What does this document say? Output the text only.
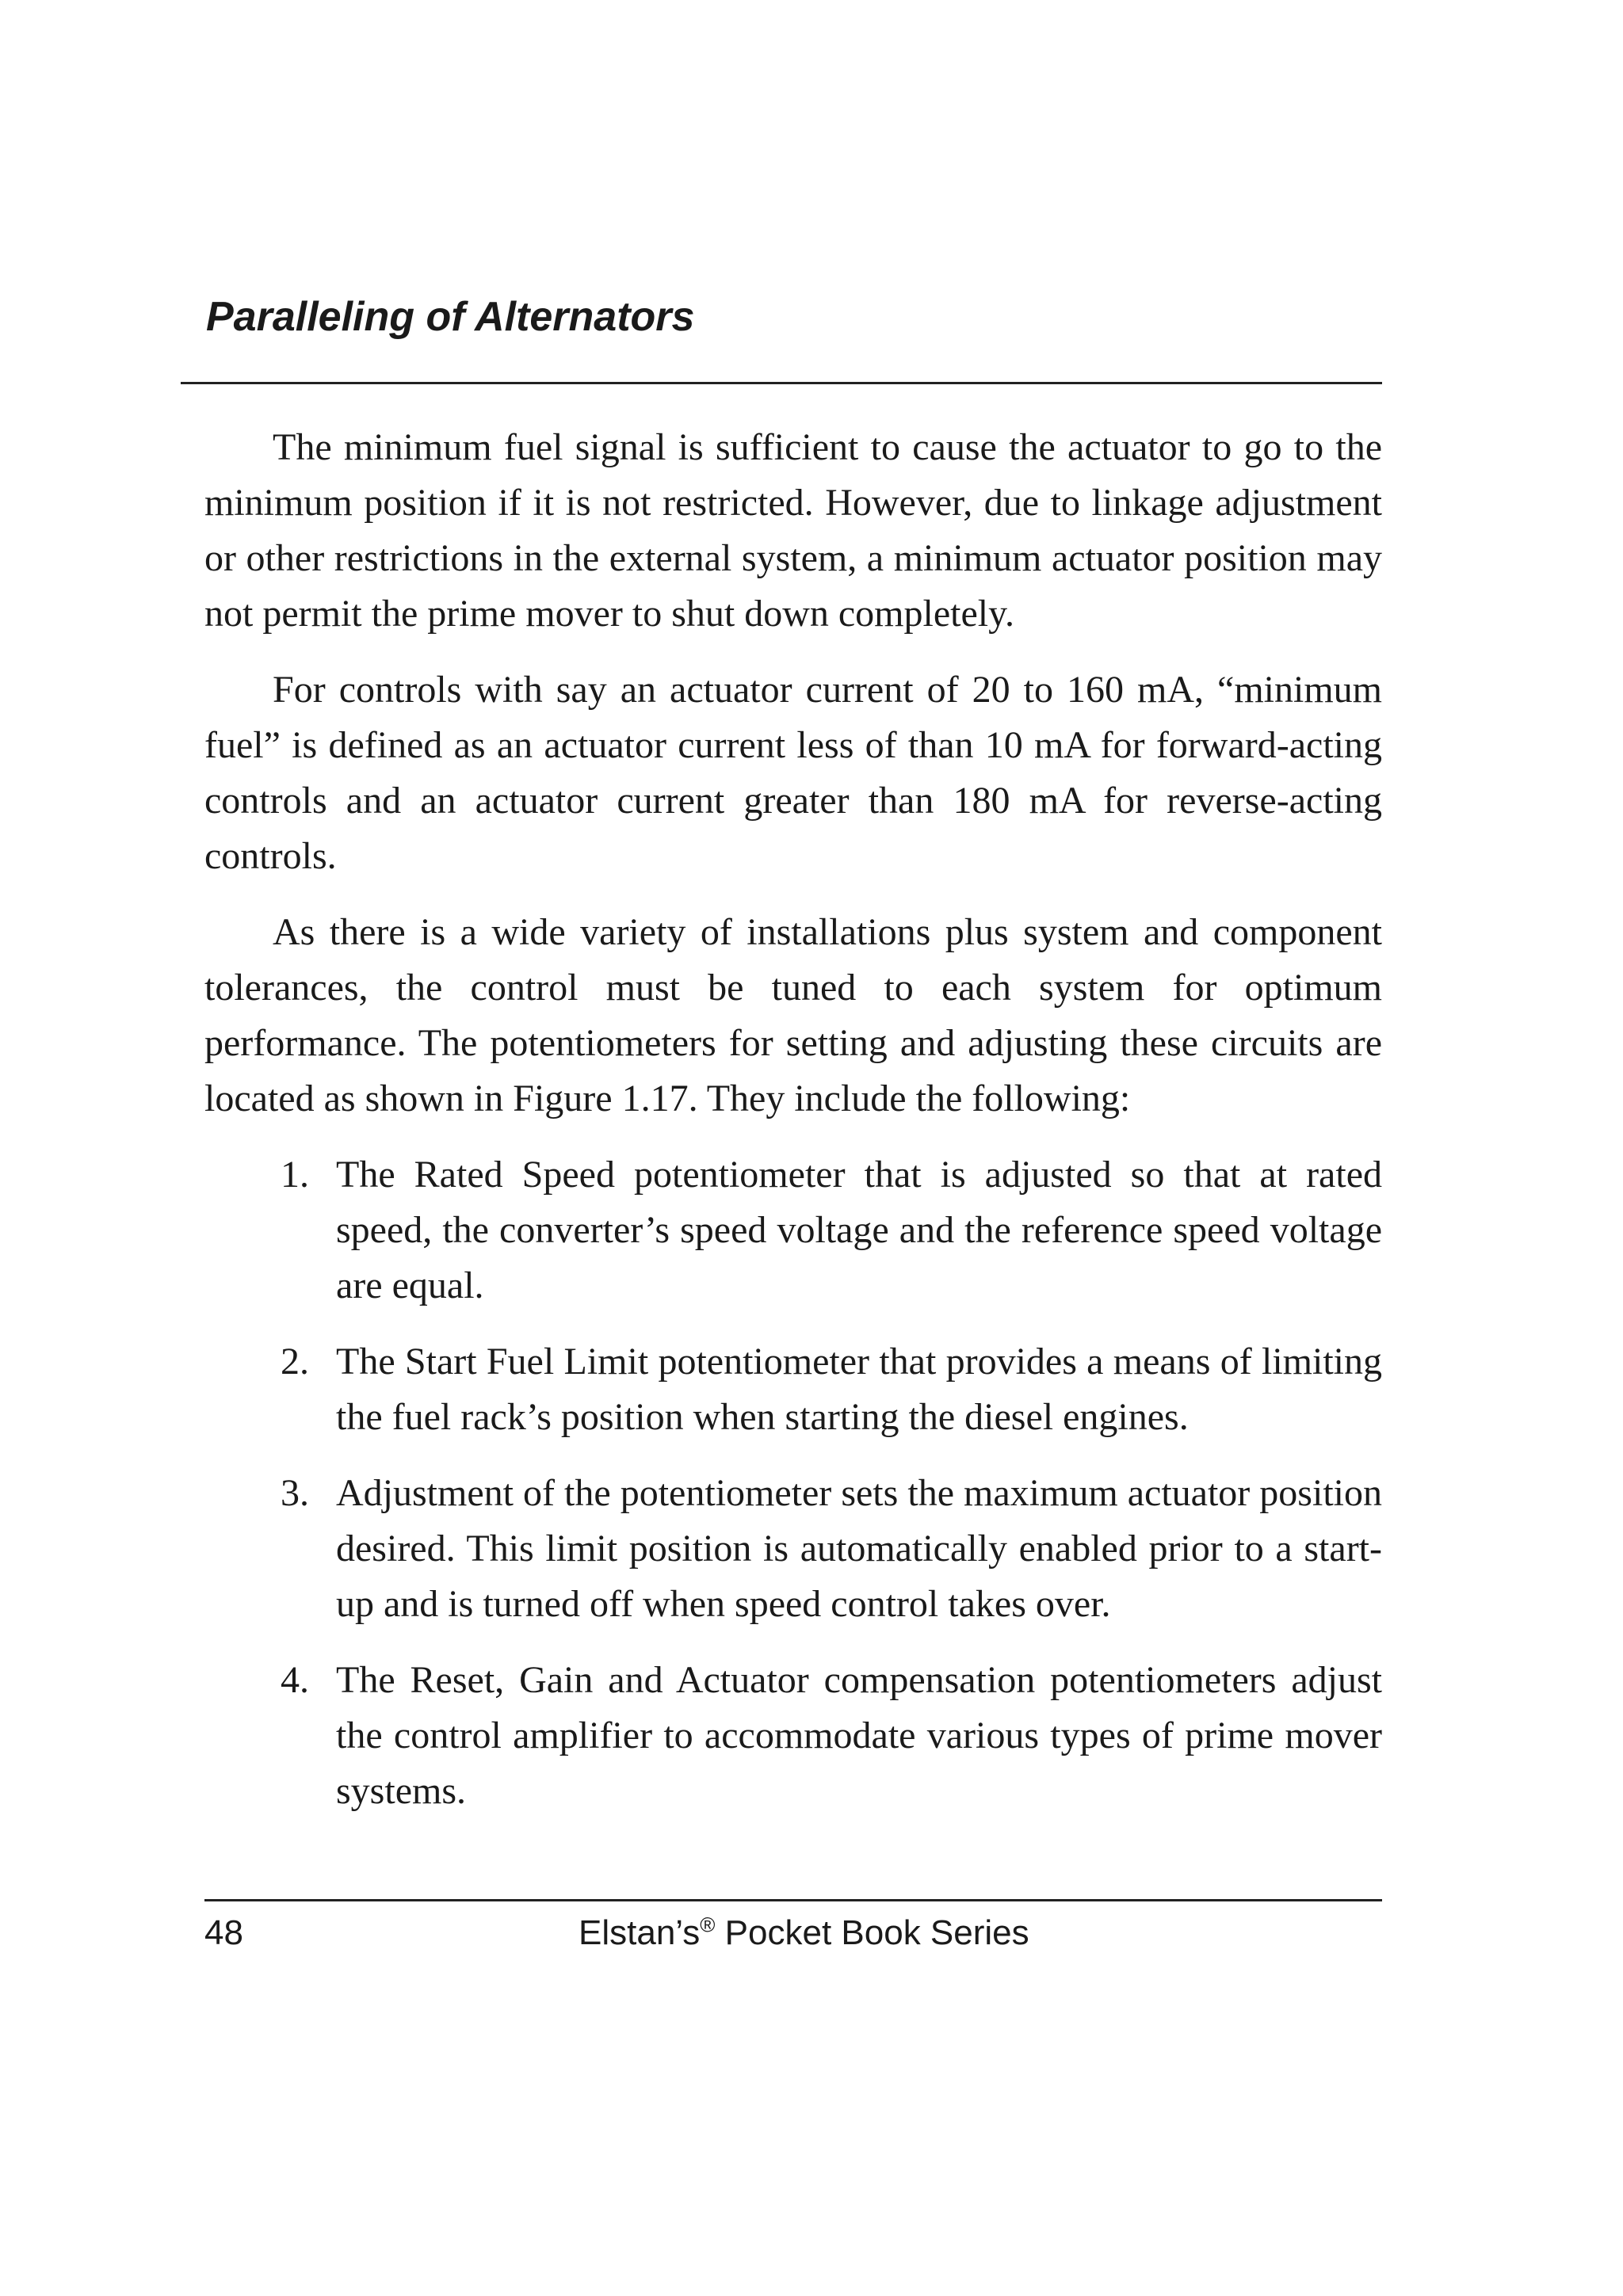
Paralleling of Alternators

The minimum fuel signal is sufficient to cause the actuator to go to the minimum position if it is not restricted. However, due to linkage adjustment or other restrictions in the external system, a minimum actuator position may not permit the prime mover to shut down completely.

For controls with say an actuator current of 20 to 160 mA, “minimum fuel” is defined as an actuator current less of than 10 mA for forward-acting controls and an actuator current greater than 180 mA for reverse-acting controls.

As there is a wide variety of installations plus system and component tolerances, the control must be tuned to each system for optimum performance. The potentiometers for setting and adjusting these circuits are located as shown in Figure 1.17. They include the following:

1. The Rated Speed potentiometer that is adjusted so that at rated speed, the converter’s speed voltage and the reference speed voltage are equal.
2. The Start Fuel Limit potentiometer that provides a means of limiting the fuel rack’s position when starting the diesel engines.
3. Adjustment of the potentiometer sets the maximum actuator position desired. This limit position is automatically enabled prior to a start-up and is turned off when speed control takes over.
4. The Reset, Gain and Actuator compensation potentiometers adjust the control amplifier to accommodate various types of prime mover systems.
48	Elstan’s® Pocket Book Series
